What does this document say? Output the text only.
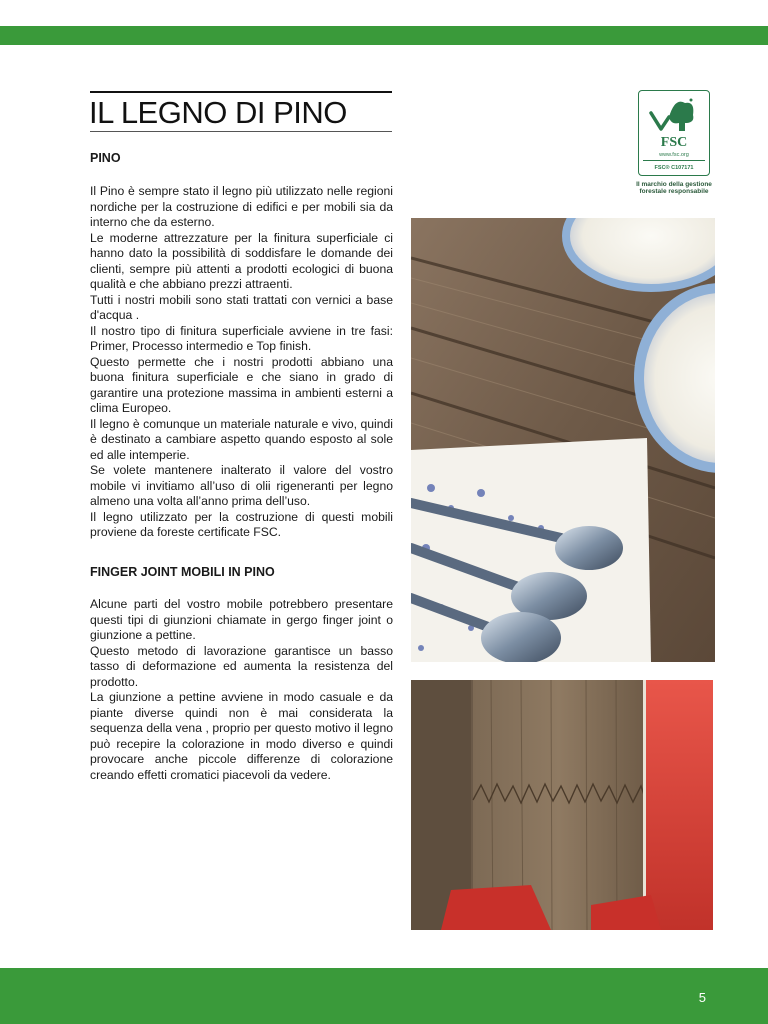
IL LEGNO DI PINO
PINO

Il Pino è sempre stato il legno più utilizzato nelle regioni nordiche per la costruzione di edifici e per mobili sia da interno che da esterno.

Le moderne attrezzature per la finitura superficiale ci hanno dato la possibilità di soddisfare le domande dei clienti, sempre più attenti a prodotti ecologici di buona qualità e che abbiano prezzi attraenti.

Tutti i nostri mobili sono stati trattati con vernici a base d'acqua .

Il nostro tipo di finitura superficiale avviene in tre fasi: Primer, Processo intermedio e Top finish.

Questo permette che i nostri prodotti abbiano una buona finitura superficiale e che siano in grado di garantire una protezione massima in ambienti esterni a clima Europeo.

Il legno è comunque un materiale naturale e vivo, quindi è destinato a cambiare aspetto quando esposto al sole ed alle intemperie.

Se volete mantenere inalterato il valore del vostro mobile vi invitiamo all’uso di olii rigeneranti per legno almeno una volta all’anno prima dell’uso.

Il legno utilizzato per la costruzione di questi mobili proviene da foreste certificate FSC.

FINGER JOINT MOBILI IN PINO

Alcune parti del vostro mobile potrebbero presentare questi tipi di giunzioni chiamate in gergo finger joint o giunzione a pettine.

Questo metodo di lavorazione garantisce un basso tasso di deformazione ed aumenta la resistenza del prodotto.

La giunzione a pettine avviene in modo casuale e da piante diverse quindi non è mai considerata la sequenza della vena , proprio per questo motivo il legno può recepire la colorazione in modo diverso e quindi provocare anche piccole differenze di colorazione creando effetti cromatici piacevoli da vedere.

FSC
www.fsc.org
FSC® C107171
Il marchio della gestione forestale responsabile
5
